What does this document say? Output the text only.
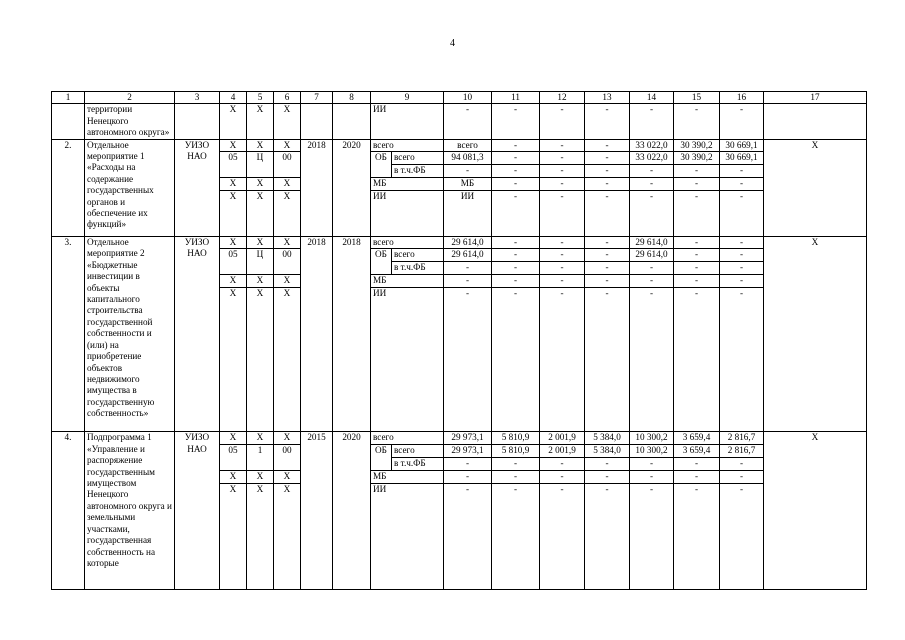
4
1	2	3	4	5	6	7	8	9		10	11	12	13	14	15	16	17
	территории Ненецкого автономного округа»		Х	Х	Х			ИИ		-	-	-	-	-	-	-	
2.	Отдельное мероприятие 1 «Расходы на содержание государственных органов и обеспечение их функций»	УИЗО НАО	Х	Х	Х	2018	2020	всего		всего	-	-	-	33 022,0	30 390,2	30 669,1	Х
			05	Ц	00			ОБ	всего	94 081,3	-	-	-	33 022,0	30 390,2	30 669,1	
									в т.ч.ФБ	-	-	-	-	-	-	-	
			Х	Х	Х			МБ		МБ	-	-	-	-	-	-	
			Х	Х	Х			ИИ		ИИ	-	-	-	-	-	-	
3.	Отдельное мероприятие 2 «Бюджетные инвестиции в объекты капитального строительства государственной собственности и (или) на приобретение объектов недвижимого имущества в государственную собственность»	УИЗО НАО	Х	Х	Х	2018	2018	всего		29 614,0	-	-	-	29 614,0	-	-	Х
			05	Ц	00			ОБ	всего	29 614,0	-	-	-	29 614,0	-	-	
									в т.ч.ФБ	-	-	-	-	-	-	-	
			Х	Х	Х			МБ		-	-	-	-	-	-	-	
			Х	Х	Х			ИИ		-	-	-	-	-	-	-	
4.	Подпрограмма 1 «Управление и распоряжение государственным имуществом Ненецкого автономного округа и земельными участками, государственная собственность на которые	УИЗО НАО	Х	Х	Х	2015	2020	всего		29 973,1	5 810,9	2 001,9	5 384,0	10 300,2	3 659,4	2 816,7	Х
			05	1	00			ОБ	всего	29 973,1	5 810,9	2 001,9	5 384,0	10 300,2	3 659,4	2 816,7	
									в т.ч.ФБ	-	-	-	-	-	-	-	
			Х	Х	Х			МБ		-	-	-	-	-	-	-	
			Х	Х	Х			ИИ		-	-	-	-	-	-	-	
